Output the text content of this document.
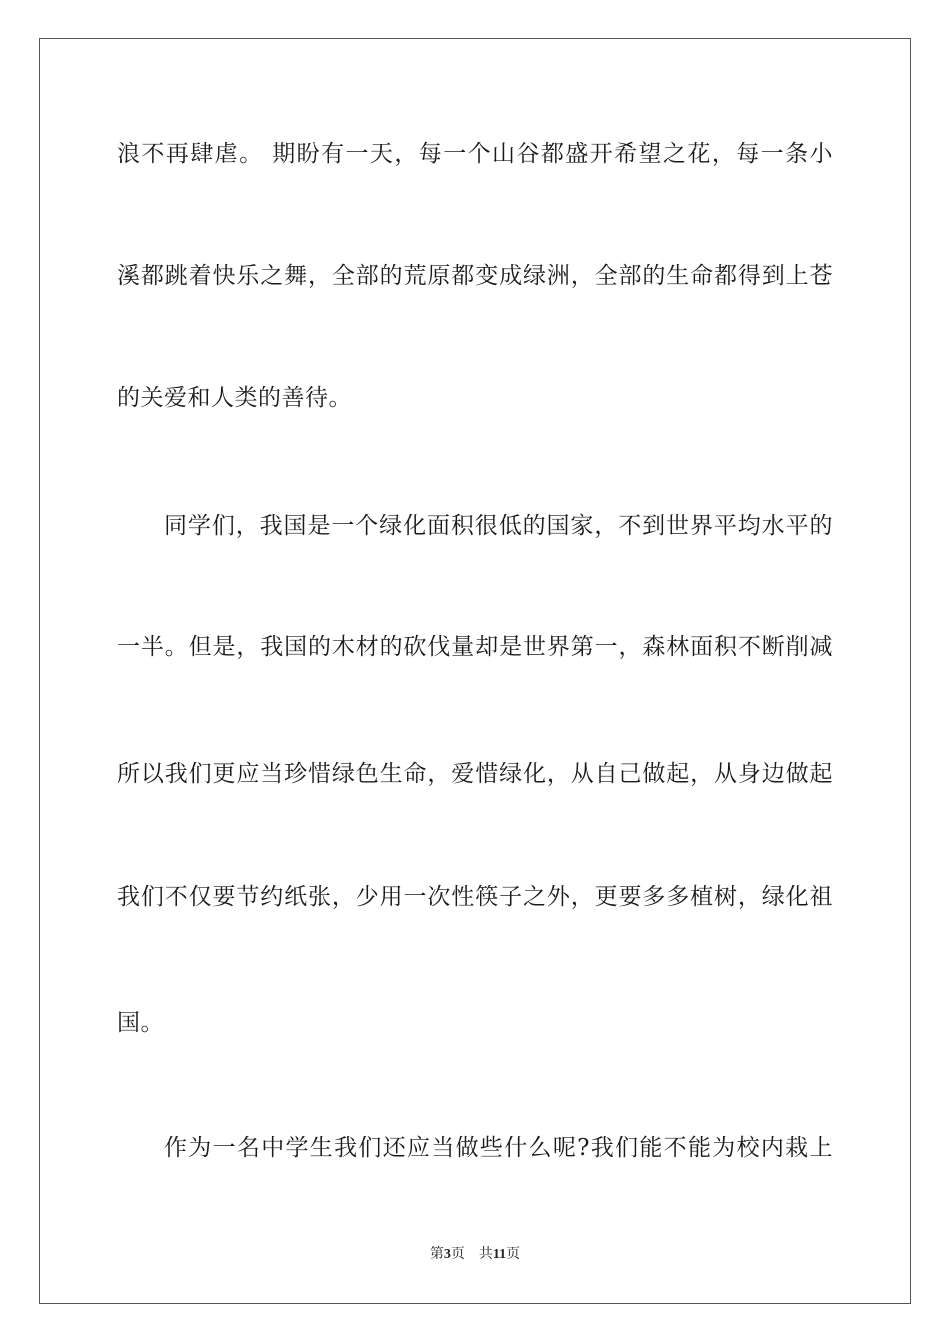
浪不再肆虐。 期盼有一天，每一个山谷都盛开希望之花，每一条小
溪都跳着快乐之舞，全部的荒原都变成绿洲，全部的生命都得到上苍
的关爱和人类的善待。
同学们，我国是一个绿化面积很低的国家，不到世界平均水平的
一半。但是，我国的木材的砍伐量却是世界第一，森林面积不断削减
所以我们更应当珍惜绿色生命，爱惜绿化，从自己做起，从身边做起
我们不仅要节约纸张，少用一次性筷子之外，更要多多植树，绿化祖
国。
作为一名中学生我们还应当做些什么呢?我们能不能为校内栽上
第3页 共11页
